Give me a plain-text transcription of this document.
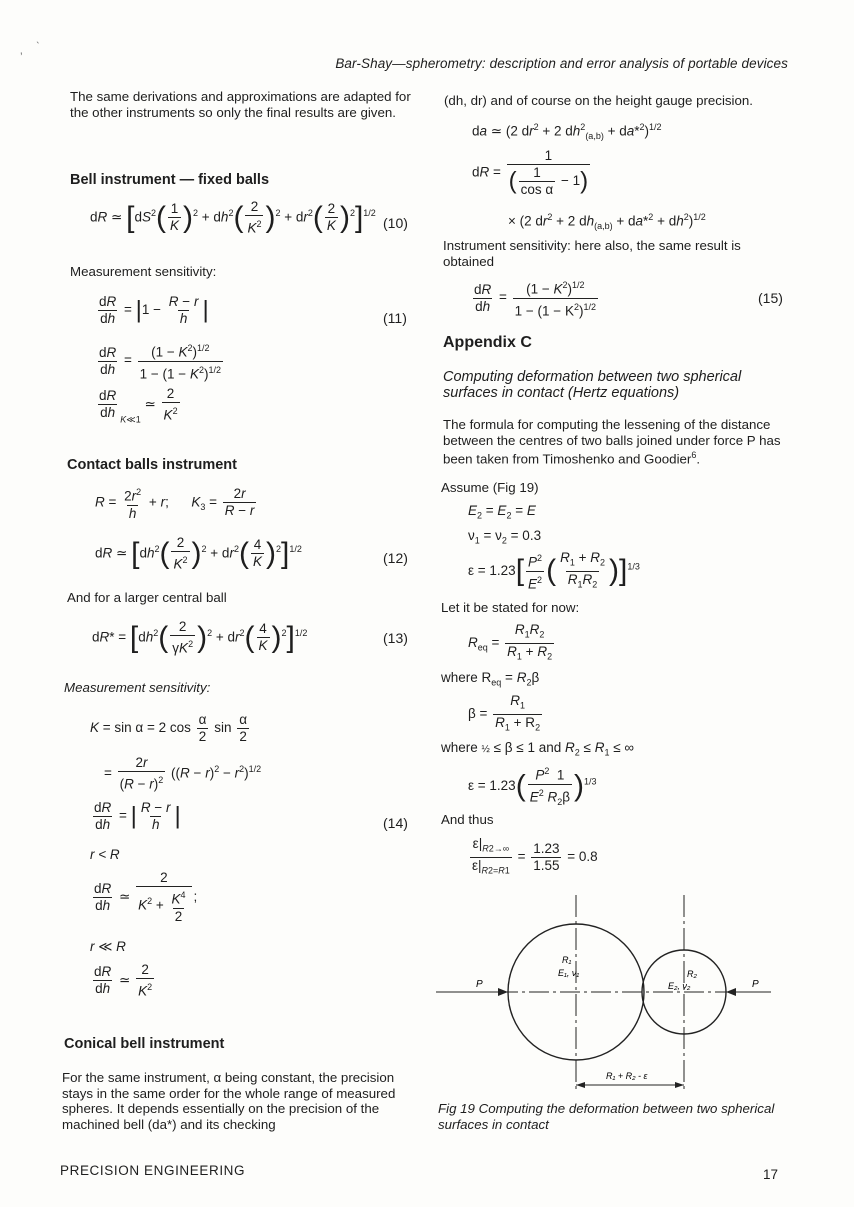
ˎ
’	Bar-Shay—spherometry: description and error analysis of portable devices
The same derivations and approximations are adapted for the other instruments so only the final results are given.
Bell instrument — fixed balls
dR ≃ $[dS^2( \frac{1}{K} )^2 + dh^2( \frac{2}{K^2} )^2 + dr^2( \frac{2}{K} )^2]^{1/2}$
(10)
Measurement sensitivity:
$\frac{dR}{dh} = |1 - \frac{R - r}{h}$ |	(11)
$\frac{dR}{dh} = \frac{(1 - K^2)^{1/2}}{1 - (1 - K^2)^{1/2}}$
$\frac{dR}{dh} _{K≪1}$ ≃ $\frac{2}{K^2}$
Contact balls instrument
$R = \frac{2r^2}{h} + r$;      $K_3 = \frac{2r}{R - r}$
dR ≃ $[dh^2( \frac{2}{K^2} )^2 + dr^2( \frac{4}{K} )^2]^{1/2}$
(12)
And for a larger central ball
$dR* = [dh^2( \frac{2}{\gamma K^2} )^2 + dr^2( \frac{4}{K} )^2]^{1/2}$	(13)
Measurement sensitivity:
K = sin α = 2 $\cos \frac{\alpha}{2}$ $\sin \frac{\alpha}{2}$
= $\frac{2r}{(R - r)^2} ((R - r)^2 - r^2)^{1/2}$
$\frac{dR}{dh}$ = | $\frac{R - r}{h}$ |	(14)
r < R
$\frac{dR}{dh}$ ≃ $\frac{2}{K^2 + \frac{K^4}{2}}$ ;
r ≪ R
$\frac{dR}{dh}$ ≃ $\frac{2}{K^2}$
Conical bell instrument
For the same instrument, α being constant, the precision stays in the same order for the whole range of measured spheres. It depends essentially on the precision of the machined bell (da*) and its checking
(dh, dr) and of course on the height gauge precision.
da ≃ (2 $dr^2 + 2$ $dh^2_{(a,b)} + da*^2)^{1/2}$
dR = $\frac{1}{( \frac{1}{\text{cos α}} - 1)}$
× (2 $dr^2 + 2$ $dh_{(a,b)} + da*^2 + dh^2)^{1/2}$
Instrument sensitivity: here also, the same result is obtained
$\frac{dR}{dh} = \frac{(1 - K^2)^{1/2}}{1 - (1 - K^2)^{1/2}}$	(15)
Appendix C
Computing deformation between two spherical surfaces in contact (Hertz equations)
The formula for computing the lessening of the distance between the centres of two balls joined under force P has been taken from Timoshenko and Goodier$^6$.
Assume (Fig 19)
$E_2 = E_2 = E$
$\nu_1 = \nu_2 = 0.3$
$\varepsilon = 1.23[ \frac{P^2}{E^2}$ ( $\frac{R_1 + R_2}{R_1R_2} )]^{1/3}$
Let it be stated for now:
$R_{eq} = \frac{R_1R_2}{R_1 + R_2}$
where $R_{eq} = R_2\beta$
$\beta = \frac{R_1}{R_1 + R_2}$
where ½ ≤ β ≤ 1 and $R_2 \le R_1$ ≤ ∞
$\varepsilon = 1.23( \frac{P^2 1}{E^2 R_2\beta} )^{1/3}$
And thus
$\frac{\varepsilon|_{R2\to\infty}}{\varepsilon|_{R2=R1}} = \frac{1.23}{1.55} = 0.8$
P	P
R₁
E₁, ν₁	R₂
E₂, ν₂
R₁ + R₂ - ε
Fig 19 Computing the deformation between two spherical surfaces in contact
PRECISION ENGINEERING	17
